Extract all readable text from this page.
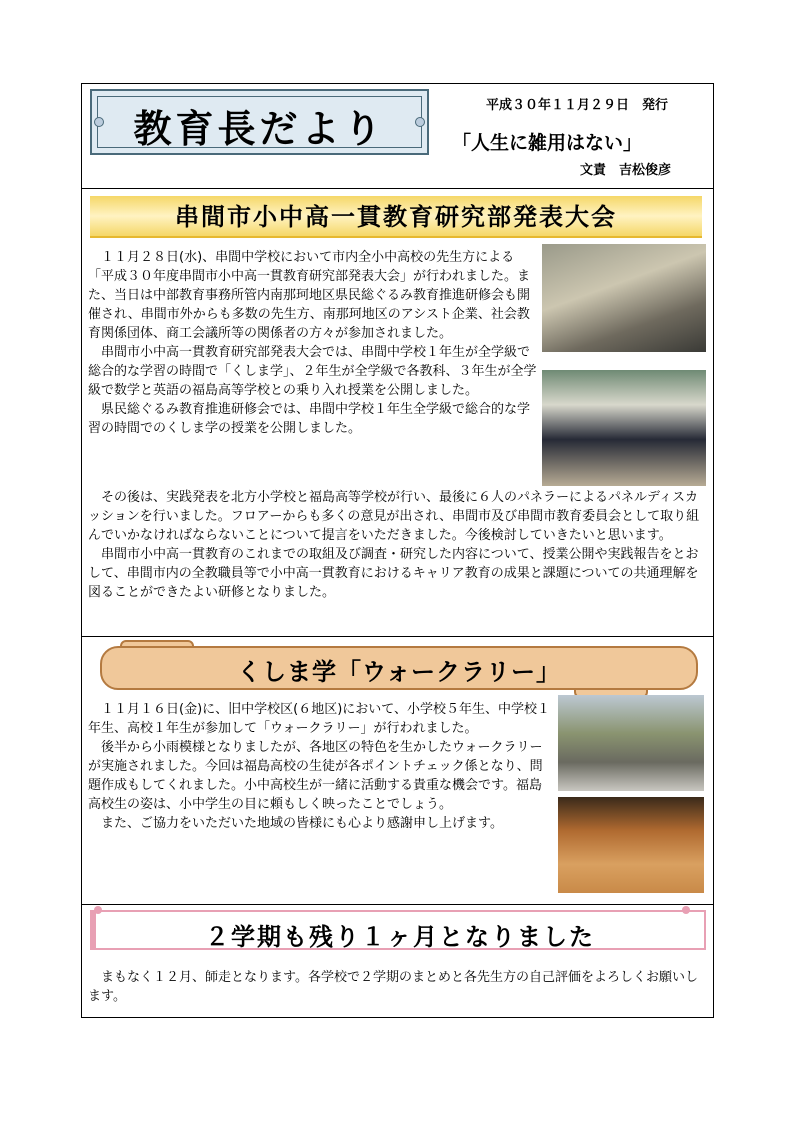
教育長だより
平成３０年１１月２９日　発行
「人生に雑用はない」
文責　吉松俊彦
串間市小中高一貫教育研究部発表大会

１１月２８日(水)、串間中学校において市内全小中高校の先生方による「平成３０年度串間市小中高一貫教育研究部発表大会」が行われました。また、当日は中部教育事務所管内南那珂地区県民総ぐるみ教育推進研修会も開催され、串間市外からも多数の先生方、南那珂地区のアシスト企業、社会教育関係団体、商工会議所等の関係者の方々が参加されました。

串間市小中高一貫教育研究部発表大会では、串間中学校１年生が全学級で総合的な学習の時間で「くしま学」、２年生が全学級で各教科、３年生が全学級で数学と英語の福島高等学校との乗り入れ授業を公開しました。

県民総ぐるみ教育推進研修会では、串間中学校１年生全学級で総合的な学習の時間でのくしま学の授業を公開しました。

その後は、実践発表を北方小学校と福島高等学校が行い、最後に６人のパネラーによるパネルディスカッションを行いました。フロアーからも多くの意見が出され、串間市及び串間市教育委員会として取り組んでいかなければならないことについて提言をいただきました。今後検討していきたいと思います。

串間市小中高一貫教育のこれまでの取組及び調査・研究した内容について、授業公開や実践報告をとおして、串間市内の全教職員等で小中高一貫教育におけるキャリア教育の成果と課題についての共通理解を図ることができたよい研修となりました。

くしま学「ウォークラリー」

１１月１６日(金)に、旧中学校区(６地区)において、小学校５年生、中学校１年生、高校１年生が参加して「ウォークラリー」が行われました。

後半から小雨模様となりましたが、各地区の特色を生かしたウォークラリーが実施されました。今回は福島高校の生徒が各ポイントチェック係となり、問題作成もしてくれました。小中高校生が一緒に活動する貴重な機会です。福島高校生の姿は、小中学生の目に頼もしく映ったことでしょう。

また、ご協力をいただいた地域の皆様にも心より感謝申し上げます。

２学期も残り１ヶ月となりました

まもなく１２月、師走となります。各学校で２学期のまとめと各先生方の自己評価をよろしくお願いします。
